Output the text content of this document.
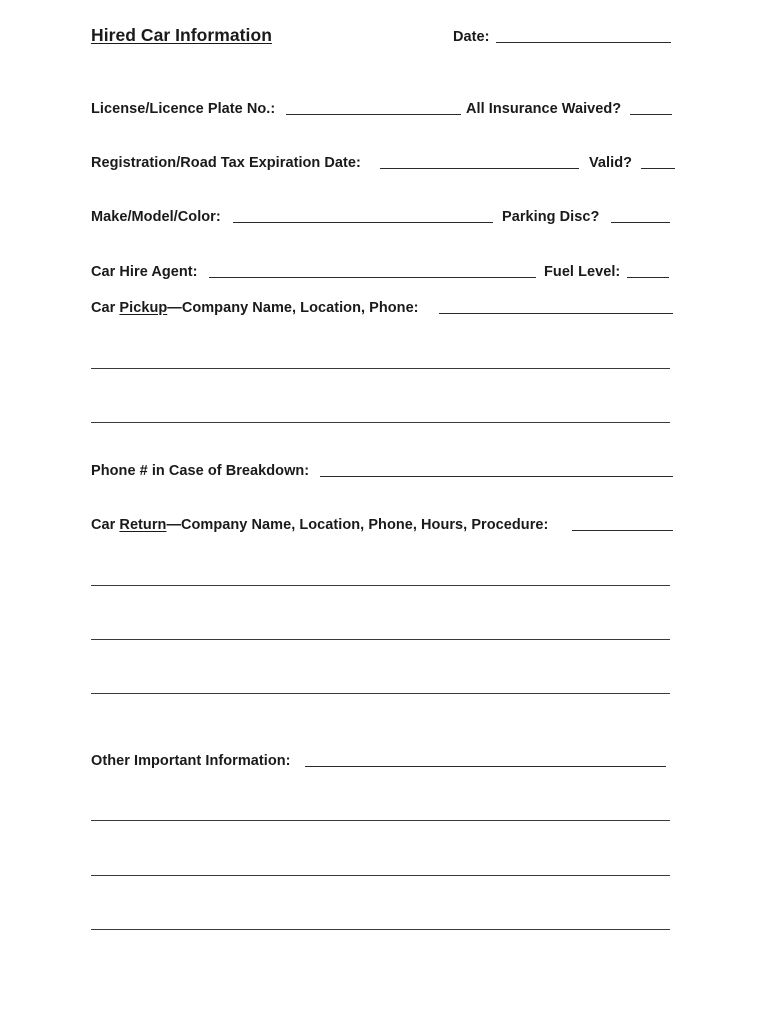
Hired Car Information	Date:
License/Licence Plate No.:	All Insurance Waived?
Registration/Road Tax Expiration Date:	Valid?
Make/Model/Color:	Parking Disc?
Car Hire Agent:	Fuel Level:
Car Pickup—Company Name, Location, Phone:
Phone # in Case of Breakdown:
Car Return—Company Name, Location, Phone, Hours, Procedure:
Other Important Information:
